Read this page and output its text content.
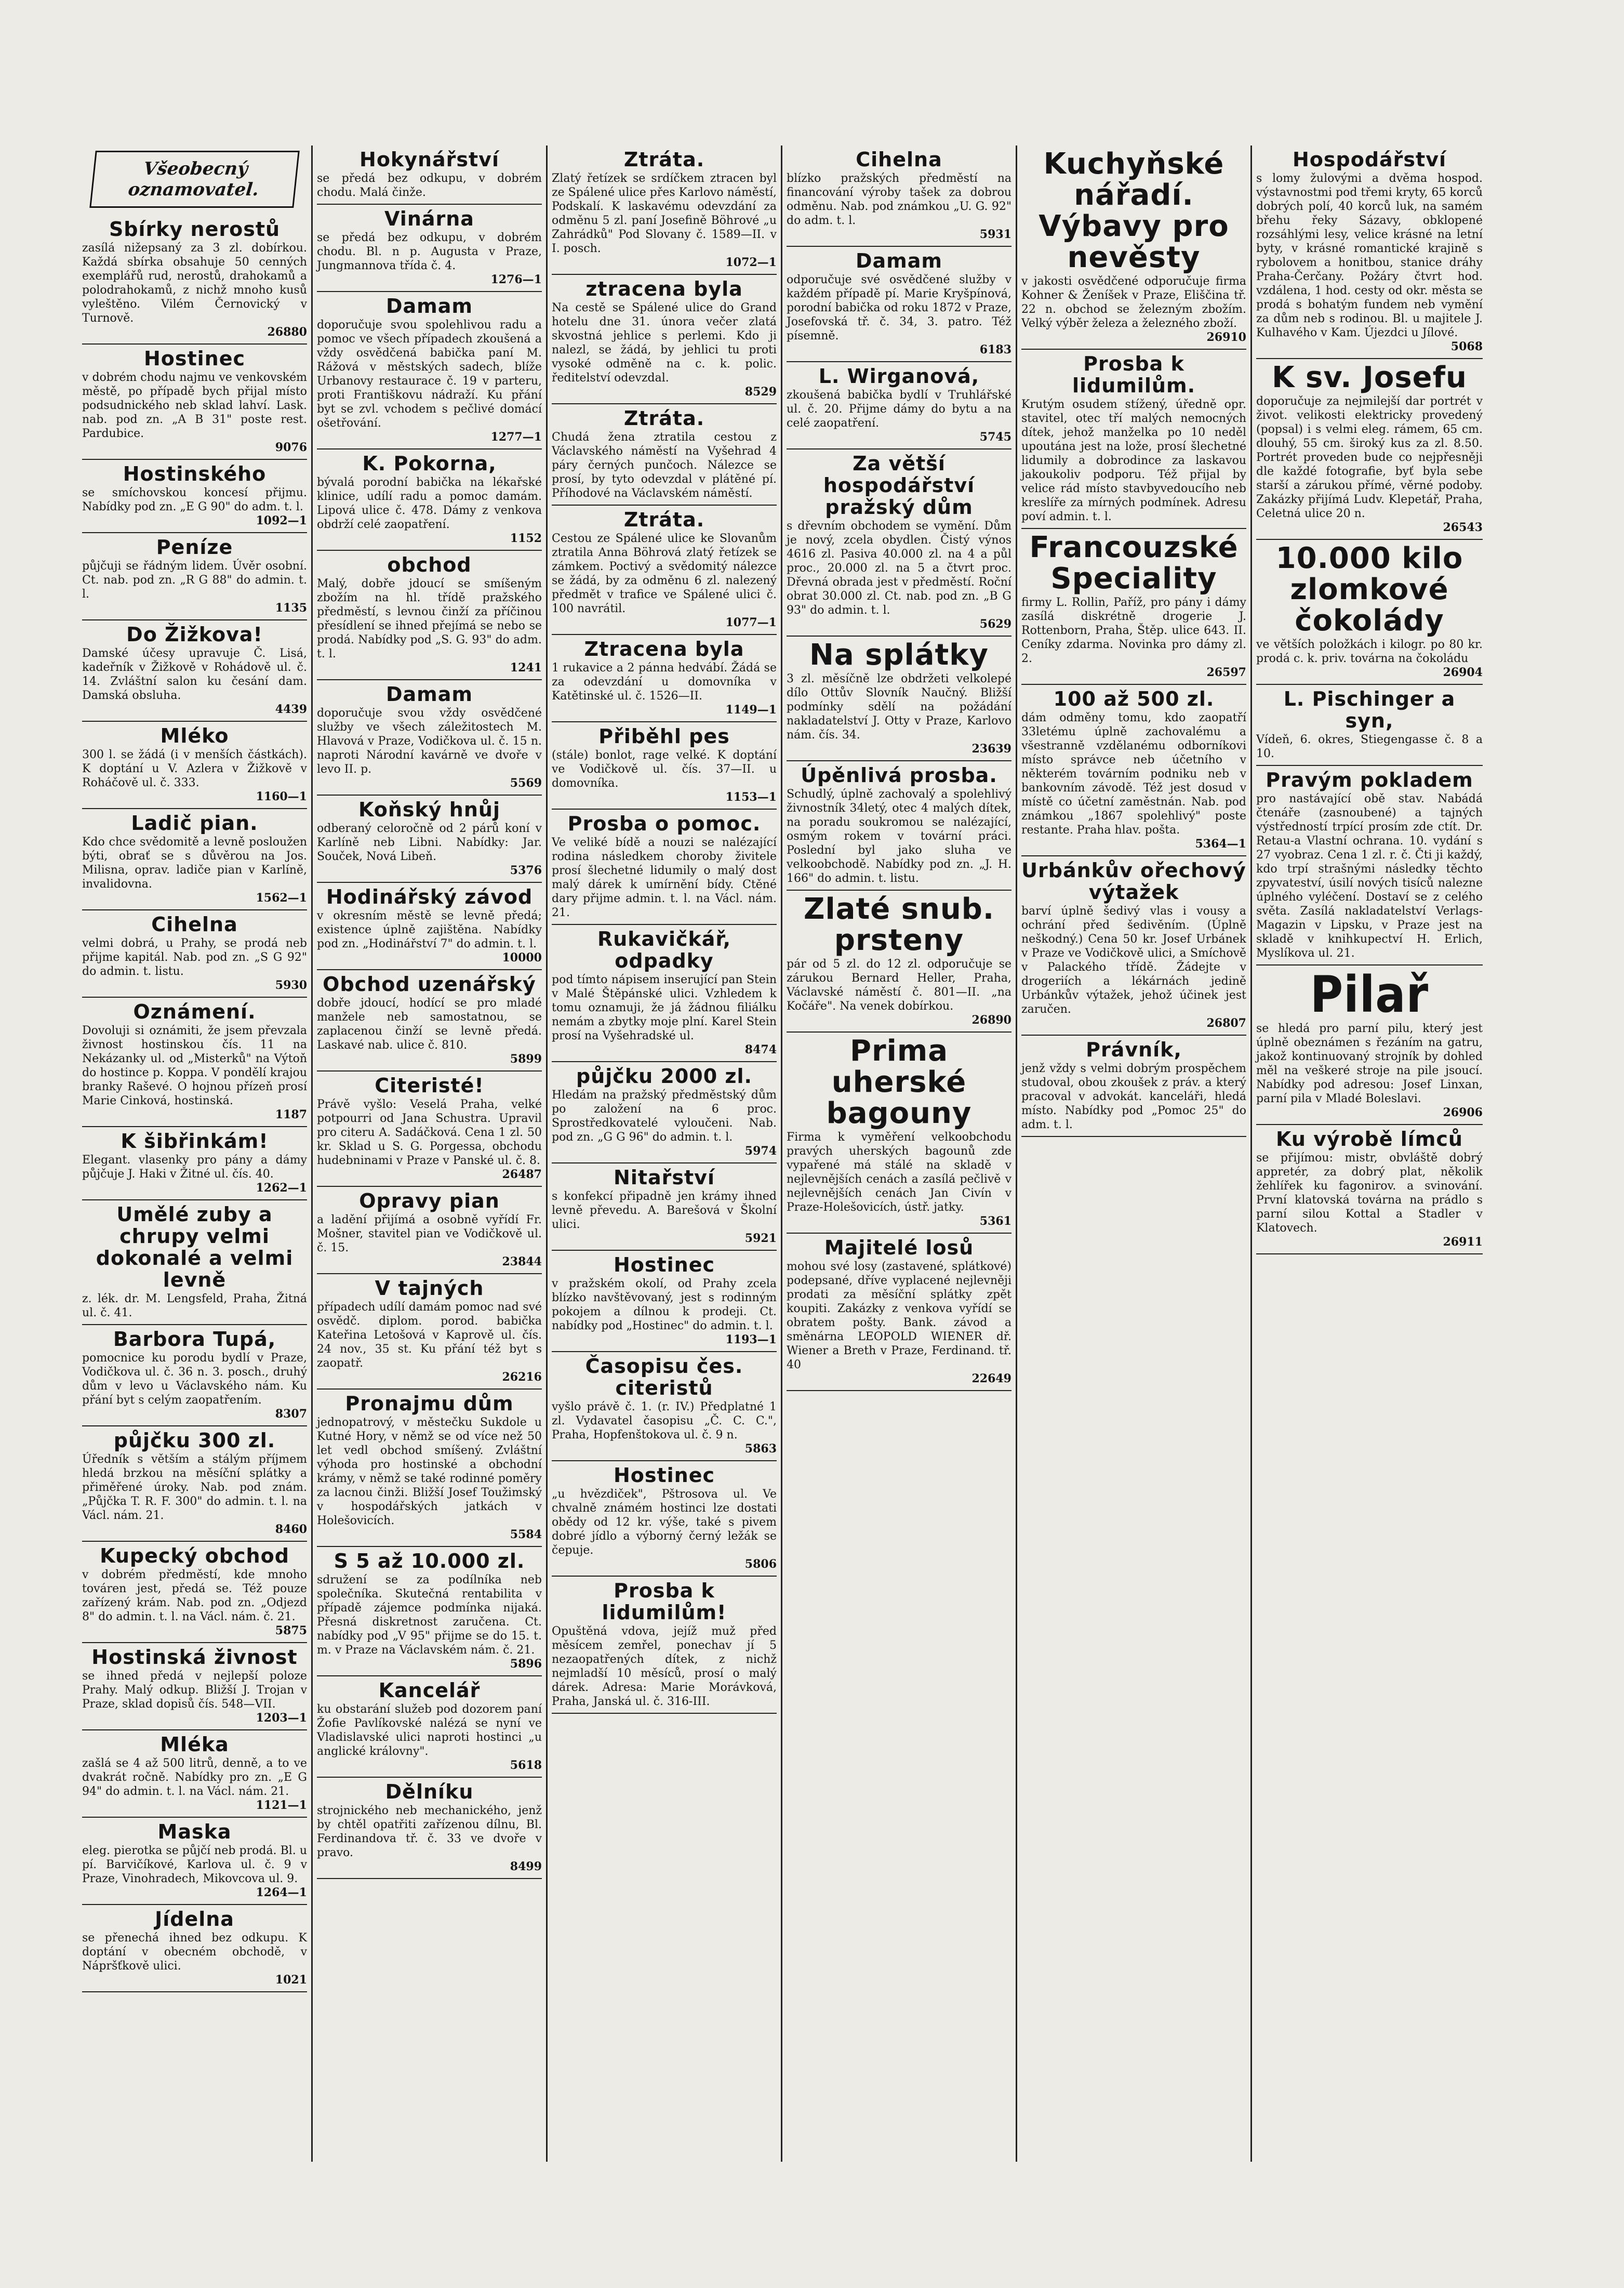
Všeobecný oznamovatel.
Sbírky nerostů

zasílá nižepsaný za 3 zl. dobírkou. Každá sbírka obsahuje 50 cenných exemplářů rud, nerostů, drahokamů a polodrahokamů, z nichž mnoho kusů vyleštěno. Vilém Černovický v Turnově.

26880
Hostinec

v dobrém chodu najmu ve venkovském městě, po případě bych přijal místo podsudnického neb sklad lahví. Lask. nab. pod zn. „A B 31" poste rest. Pardubice.

9076
Hostinského

se smíchovskou koncesí přijmu. Nabídky pod zn. „E G 90" do adm. t. l.

1092—1
Peníze

půjčuji se řádným lidem. Úvěr osobní. Ct. nab. pod zn. „R G 88" do admin. t. l.

1135
Do Žižkova!

Damské účesy upravuje Č. Lisá, kadeřník v Žižkově v Rohádově ul. č. 14. Zvláštní salon ku česání dam. Damská obsluha.

4439
Mléko

300 l. se žádá (i v menších částkách). K doptání u V. Azlera v Žižkově v Roháčově ul. č. 333.

1160—1
Ladič pian.

Kdo chce svědomitě a levně posloužen býti, obrať se s důvěrou na Jos. Milisna, oprav. ladiče pian v Karlíně, invalidovna.

1562—1
Cihelna

velmi dobrá, u Prahy, se prodá neb přijme kapitál. Nab. pod zn. „S G 92" do admin. t. listu.

5930
Oznámení.

Dovoluji si oznámiti, že jsem převzala živnost hostinskou čís. 11 na Nekázanky ul. od „Misterků" na Výtoň do hostince p. Koppa. V pondělí krajou branky Raševé. O hojnou přízeň prosí Marie Cinková, hostinská.

1187
K šibřinkám!

Elegant. vlasenky pro pány a dámy půjčuje J. Haki v Žitné ul. čís. 40.

1262—1
Umělé zuby a chrupy velmi dokonalé a velmi levně

z. lék. dr. M. Lengsfeld, Praha, Žitná ul. č. 41.

Barbora Tupá,

pomocnice ku porodu bydlí v Praze, Vodičkova ul. č. 36 n. 3. posch., druhý dům v levo u Václavského nám. Ku přání byt s celým zaopatřením.

8307
půjčku 300 zl.

Úředník s větším a stálým příjmem hledá brzkou na měsíční splátky a přiměřené úroky. Nab. pod znám. „Půjčka T. R. F. 300" do admin. t. l. na Václ. nám. 21.

8460
Kupecký obchod

v dobrém předměstí, kde mnoho továren jest, předá se. Též pouze zařízený krám. Nab. pod zn. „Odjezd 8" do admin. t. l. na Václ. nám. č. 21.

5875
Hostinská živnost

se ihned předá v nejlepší poloze Prahy. Malý odkup. Bližší J. Trojan v Praze, sklad dopisů čís. 548—VII.

1203—1
Mléka

zašlá se 4 až 500 litrů, denně, a to ve dvakrát ročně. Nabídky pro zn. „E G 94" do admin. t. l. na Václ. nám. 21.

1121—1
Maska

eleg. pierotka se půjčí neb prodá. Bl. u pí. Barvičíkové, Karlova ul. č. 9 v Praze, Vinohradech, Mikovcova ul. 9.

1264—1
Jídelna

se přenechá ihned bez odkupu. K doptání v obecném obchodě, v Nápršťkově ulici.

1021
Hokynářství

se předá bez odkupu, v dobrém chodu. Malá činže.

Vinárna

se předá bez odkupu, v dobrém chodu. Bl. n p. Augusta v Praze, Jungmannova třída č. 4.

1276—1
Damam

doporučuje svou spolehlivou radu a pomoc ve všech případech zkoušená a vždy osvědčená babička paní M. Rážová v městských sadech, blíže Urbanovy restaurace č. 19 v parteru, proti Františkovu nádraží. Ku přání byt se zvl. vchodem s pečlivé domácí ošetřování.

1277—1
K. Pokorna,

bývalá porodní babička na lékařské klinice, udílí radu a pomoc damám. Lipová ulice č. 478. Dámy z venkova obdrží celé zaopatření.

1152
obchod

Malý, dobře jdoucí se smíšeným zbožím na hl. třídě pražského předměstí, s levnou činží za příčinou přesídlení se ihned přejímá se nebo se prodá. Nabídky pod „S. G. 93" do adm. t. l.

1241
Damam

doporučuje svou vždy osvědčené služby ve všech záležitostech M. Hlavová v Praze, Vodičkova ul. č. 15 n. naproti Národní kavárně ve dvoře v levo II. p.

5569
Koňský hnůj

odberaný celoročně od 2 párů koní v Karlíně neb Libni. Nabídky: Jar. Souček, Nová Libeň.

5376
Hodinářský závod

v okresním městě se levně předá; existence úplně zajištěna. Nabídky pod zn. „Hodinářství 7" do admin. t. l.

10000
Obchod uzenářský

dobře jdoucí, hodící se pro mladé manžele neb samostatnou, se zaplacenou činží se levně předá. Laskavé nab. ulice č. 810.

5899
Citeristé!

Právě vyšlo: Veselá Praha, velké potpourri od Jana Schustra. Upravil pro citeru A. Sadáčková. Cena 1 zl. 50 kr. Sklad u S. G. Porgessa, obchodu hudebninami v Praze v Panské ul. č. 8.

26487
Opravy pian

a ladění přijímá a osobně vyřídí Fr. Mošner, stavitel pian ve Vodičkově ul. č. 15.

23844
V tajných

případech udílí damám pomoc nad své osvědč. diplom. porod. babička Kateřina Letošová v Kaprově ul. čís. 24 nov., 35 st. Ku přání též byt s zaopatř.

26216
Pronajmu dům

jednopatrový, v městečku Sukdole u Kutné Hory, v němž se od více než 50 let vedl obchod smíšený. Zvláštní výhoda pro hostinské a obchodní krámy, v němž se také rodinné poměry za lacnou činži. Bližší Josef Toužimský v hospodářských jatkách v Holešovicích.

5584
S 5 až 10.000 zl.

sdružení se za podílníka neb společníka. Skutečná rentabilita v případě zájemce podmínka nijaká. Přesná diskretnost zaručena. Ct. nabídky pod „V 95" přijme se do 15. t. m. v Praze na Václavském nám. č. 21.

5896
Kancelář

ku obstarání služeb pod dozorem paní Žofie Pavlíkovské nalézá se nyní ve Vladislavské ulici naproti hostinci „u anglické královny".

5618
Dělníku

strojnického neb mechanického, jenž by chtěl opatřiti zařízenou dílnu, Bl. Ferdinandova tř. č. 33 ve dvoře v pravo.

8499
Ztráta.

Zlatý řetízek se srdíčkem ztracen byl ze Spálené ulice přes Karlovo náměstí, Podskalí. K laskavému odevzdání za odměnu 5 zl. paní Josefině Böhrové „u Zahrádků" Pod Slovany č. 1589—II. v I. posch.

1072—1
ztracena byla

Na cestě se Spálené ulice do Grand hotelu dne 31. února večer zlatá skvostná jehlice s perlemi. Kdo ji nalezl, se žádá, by jehlici tu proti vysoké odměně na c. k. polic. ředitelství odevzdal.

8529
Ztráta.

Chudá žena ztratila cestou z Václavského náměstí na Vyšehrad 4 páry černých punčoch. Nálezce se prosí, by tyto odevzdal v plátěné pí. Příhodové na Václavském náměstí.

Ztráta.

Cestou ze Spálené ulice ke Slovanům ztratila Anna Böhrová zlatý řetízek se zámkem. Poctivý a svědomitý nálezce se žádá, by za odměnu 6 zl. nalezený předmět v trafice ve Spálené ulici č. 100 navrátil.

1077—1
Ztracena byla

1 rukavice a 2 pánna hedvábí. Žádá se za odevzdání u domovníka v Katětinské ul. č. 1526—II.

1149—1
Přiběhl pes

(stále) bonlot, rage velké. K doptání ve Vodičkově ul. čís. 37—II. u domovníka.

1153—1
Prosba o pomoc.

Ve veliké bídě a nouzi se nalézající rodina následkem choroby živitele prosí šlechetné lidumily o malý dost malý dárek k umírnění bídy. Ctěné dary přijme admin. t. l. na Václ. nám. 21.

Rukavičkář, odpadky

pod tímto nápisem inserující pan Stein v Malé Štěpánské ulici. Vzhledem k tomu oznamuji, že já žádnou filiálku nemám a zbytky moje plní. Karel Stein prosí na Vyšehradské ul.

8474
půjčku 2000 zl.

Hledám na pražský předměstský dům po založení na 6 proc. Sprostředkovatelé vyloučeni. Nab. pod zn. „G G 96" do admin. t. l.

5974
Nitařství

s konfekcí připadně jen krámy ihned levně převedu. A. Barešová v Školní ulici.

5921
Hostinec

v pražském okolí, od Prahy zcela blízko navštěvovaný, jest s rodinným pokojem a dílnou k prodeji. Ct. nabídky pod „Hostinec" do admin. t. l.

1193—1
Časopisu čes. citeristů

vyšlo právě č. 1. (r. IV.) Předplatné 1 zl. Vydavatel časopisu „Č. C. C.", Praha, Hopfenštokova ul. č. 9 n.

5863
Hostinec

„u hvězdiček", Pštrosova ul. Ve chvalně známém hostinci lze dostati obědy od 12 kr. výše, také s pivem dobré jídlo a výborný černý ležák se čepuje.

5806
Prosba k lidumilům!

Opuštěná vdova, jejíž muž před měsícem zemřel, ponechav jí 5 nezaopatřených dítek, z nichž nejmladší 10 měsíců, prosí o malý dárek. Adresa: Marie Morávková, Praha, Janská ul. č. 316-III.

Cihelna

blízko pražských předměstí na financování výroby tašek za dobrou odměnu. Nab. pod známkou „U. G. 92" do adm. t. l.

5931
Damam

odporučuje své osvědčené služby v každém případě pí. Marie Kryšpínová, porodní babička od roku 1872 v Praze, Josefovská tř. č. 34, 3. patro. Též písemně.

6183
L. Wirganová,

zkoušená babička bydlí v Truhlářské ul. č. 20. Přijme dámy do bytu a na celé zaopatření.

5745
Za větší hospodářství pražský dům

s dřevním obchodem se vymění. Dům je nový, zcela obydlen. Čistý výnos 4616 zl. Pasiva 40.000 zl. na 4 a půl proc., 20.000 zl. na 5 a čtvrt proc. Dřevná obrada jest v předměstí. Roční obrat 30.000 zl. Ct. nab. pod zn. „B G 93" do admin. t. l.

5629
Na splátky

3 zl. měsíčně lze obdržeti velkolepé dílo Ottův Slovník Naučný. Bližší podmínky sdělí na požádání nakladatelství J. Otty v Praze, Karlovo nám. čís. 34.

23639
Úpěnlivá prosba.

Schudlý, úplně zachovalý a spolehlivý živnostník 34letý, otec 4 malých dítek, na poradu soukromou se nalézající, osmým rokem v tovární práci. Poslední byl jako sluha ve velkoobchodě. Nabídky pod zn. „J. H. 166" do admin. t. listu.

Zlaté snub. prsteny

pár od 5 zl. do 12 zl. odporučuje se zárukou Bernard Heller, Praha, Václavské náměstí č. 801—II. „na Kočáře". Na venek dobírkou.

26890
Prima uherské bagouny

Firma k vyměření velkoobchodu pravých uherských bagounů zde vypařené má stálé na skladě v nejlevnějších cenách a zasílá pečlivě v nejlevnějších cenách Jan Civín v Praze-Holešovicích, ústř. jatky.

5361
Majitelé losů

mohou své losy (zastavené, splátkové) podepsané, dříve vyplacené nejlevněji prodati za měsíční splátky zpět koupiti. Zakázky z venkova vyřídí se obratem pošty. Bank. závod a směnárna LEOPOLD WIENER dř. Wiener a Breth v Praze, Ferdinand. tř. 40

22649
Kuchyňské nářadí. Výbavy pro nevěsty

v jakosti osvědčené odporučuje firma Kohner & Ženíšek v Praze, Eliščina tř. 22 n. obchod se železným zbožím. Velký výběr železa a železného zboží.

26910
Prosba k lidumilům.

Krutým osudem stížený, úředně opr. stavitel, otec tří malých nemocných dítek, jehož manželka po 10 neděl upoutána jest na lože, prosí šlechetné lidumily a dobrodince za laskavou jakoukoliv podporu. Též přijal by velice rád místo stavbyvedoucího neb kreslíře za mírných podmínek. Adresu poví admin. t. l.

Francouzské Speciality

firmy L. Rollin, Paříž, pro pány i dámy zasílá diskrétně drogerie J. Rottenborn, Praha, Štěp. ulice 643. II. Ceníky zdarma. Novinka pro dámy zl. 2.

26597
100 až 500 zl.

dám odměny tomu, kdo zaopatří 33letému úplně zachovalému a všestranně vzdělanému odborníkovi místo správce neb účetního v některém továrním podniku neb v bankovním závodě. Též jest dosud v místě co účetní zaměstnán. Nab. pod známkou „1867 spolehlivý" poste restante. Praha hlav. pošta.

5364—1
Urbánkův ořechový výtažek

barví úplně šedivý vlas i vousy a ochrání před šedivěním. (Úplně neškodný.) Cena 50 kr. Josef Urbánek v Praze ve Vodičkově ulici, a Smíchově v Palackého třídě. Žádejte v drogeriích a lékárnách jedině Urbánkův výtažek, jehož účinek jest zaručen.

26807
Právník,

jenž vždy s velmi dobrým prospěchem studoval, obou zkoušek z práv. a který pracoval v advokát. kanceláři, hledá místo. Nabídky pod „Pomoc 25" do adm. t. l.

Hospodářství

s lomy žulovými a dvěma hospod. výstavnostmi pod třemi kryty, 65 korců dobrých polí, 40 korců luk, na samém břehu řeky Sázavy, obklopené rozsáhlými lesy, velice krásné na letní byty, v krásné romantické krajině s rybolovem a honitbou, stanice dráhy Praha-Čerčany. Požáry čtvrt hod. vzdálena, 1 hod. cesty od okr. města se prodá s bohatým fundem neb vymění za dům neb s rodinou. Bl. u majitele J. Kulhavého v Kam. Újezdci u Jílové.

5068
K sv. Josefu

doporučuje za nejmilejší dar portrét v život. velikosti elektricky provedený (popsal) i s velmi eleg. rámem, 65 cm. dlouhý, 55 cm. široký kus za zl. 8.50. Portrét proveden bude co nejpřesněji dle každé fotografie, byť byla sebe starší a zárukou přímé, věrné podoby. Zakázky přijímá Ludv. Klepetář, Praha, Celetná ulice 20 n.

26543
10.000 kilo zlomkové čokolády

ve větších položkách i kilogr. po 80 kr. prodá c. k. priv. továrna na čokoládu

26904
L. Pischinger a syn,

Vídeň, 6. okres, Stiegengasse č. 8 a 10.

Pravým pokladem

pro nastávající obě stav. Nabádá čtenáře (zasnoubené) a tajných výstředností trpící prosím zde ctít. Dr. Retau-a Vlastní ochrana. 10. vydání s 27 vyobraz. Cena 1 zl. r. č. Čti ji každý, kdo trpí strašnými následky těchto zpyvateství, úsilí nových tisíců nalezne úplného vyléčení. Dostaví se z celého světa. Zasílá nakladatelství Verlags-Magazin v Lipsku, v Praze jest na skladě v knihkupectví H. Erlich, Myslíkova ul. 21.

Pilař

se hledá pro parní pilu, který jest úplně obeznámen s řezáním na gatru, jakož kontinuovaný strojník by dohled měl na veškeré stroje na pile jsoucí. Nabídky pod adresou: Josef Linxan, parní pila v Mladé Boleslavi.

26906
Ku výrobě límců

se přijímou: mistr, obvláště dobrý appretér, za dobrý plat, několik žehlířek ku fagonirov. a svinování. První klatovská továrna na prádlo s parní silou Kottal a Stadler v Klatovech.

26911
